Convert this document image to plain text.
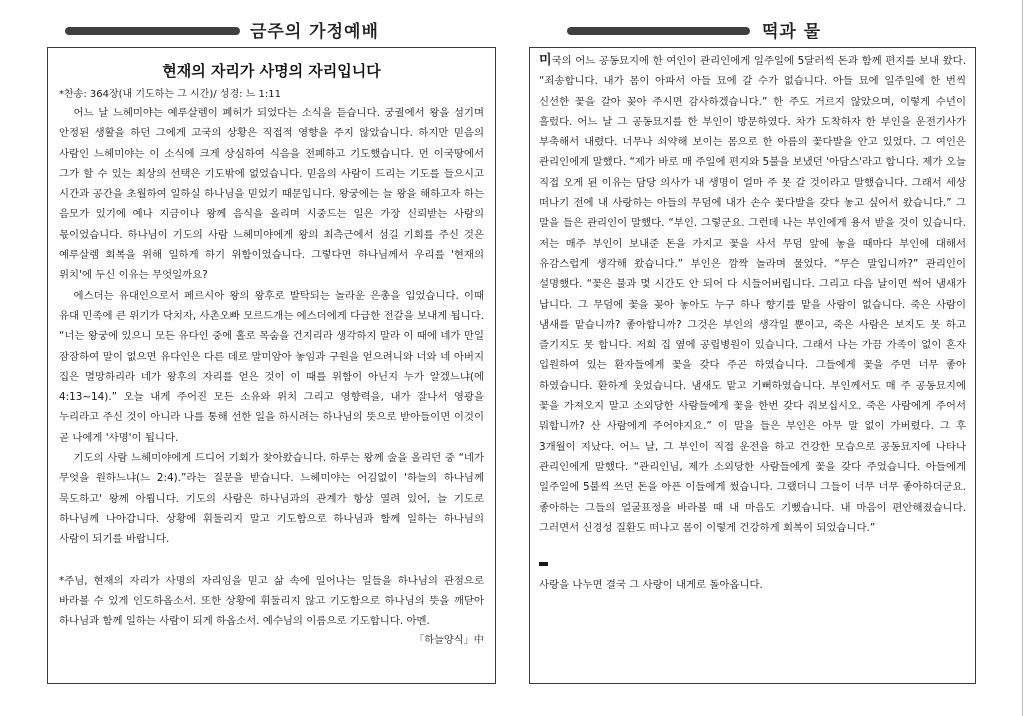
금주의 가정예배	떡과 물
현재의 자리가 사명의 자리입니다
*찬송: 364장(내 기도하는 그 시간)/ 성경: 느 1:11

어느 날 느헤미야는 예루살렘이 폐허가 되었다는 소식을 듣습니다. 궁궐에서 왕을 섬기며 안정된 생활을 하던 그에게 고국의 상황은 직접적 영향을 주지 않았습니다. 하지만 믿음의 사람인 느헤미야는 이 소식에 크게 상심하여 식음을 전폐하고 기도했습니다. 먼 이국땅에서 그가 할 수 있는 최상의 선택은 기도밖에 없었습니다. 믿음의 사람이 드리는 기도를 들으시고 시간과 공간을 초월하여 일하실 하나님을 믿었기 때문입니다. 왕궁에는 늘 왕을 해하고자 하는 음모가 있기에 예나 지금이나 왕께 음식을 올리며 시중드는 일은 가장 신뢰받는 사람의 몫이었습니다. 하나님이 기도의 사람 느헤미야에게 왕의 최측근에서 섬길 기회를 주신 것은 예루살렘 회복을 위해 일하게 하기 위함이었습니다. 그렇다면 하나님께서 우리를 '현재의 위치'에 두신 이유는 무엇일까요?

에스더는 유대인으로서 페르시아 왕의 왕후로 발탁되는 놀라운 은총을 입었습니다. 이때 유대 민족에 큰 위기가 닥치자, 사촌오빠 모르드개는 에스더에게 다급한 전갈을 보내게 됩니다. “너는 왕궁에 있으니 모든 유다인 중에 홀로 목숨을 건지리라 생각하지 말라 이 때에 네가 만일 잠잠하여 말이 없으면 유다인은 다른 데로 말미암아 놓임과 구원을 얻으려니와 너와 네 아버지 집은 멸망하리라 네가 왕후의 자리를 얻은 것이 이 때를 위함이 아닌지 누가 알겠느냐(에 4:13~14).” 오늘 내게 주어진 모든 소유와 위치 그리고 영향력을, 내가 잘나서 영광을 누리라고 주신 것이 아니라 나를 통해 선한 일을 하시려는 하나님의 뜻으로 받아들이면 이것이 곧 나에게 '사명'이 됩니다.

기도의 사람 느헤미야에게 드디어 기회가 찾아왔습니다. 하루는 왕께 술을 올리던 중 “네가 무엇을 원하느냐(느 2:4).”라는 질문을 받습니다. 느헤미야는 어김없이 '하늘의 하나님께 묵도하고' 왕께 아룁니다. 기도의 사람은 하나님과의 관계가 항상 열려 있어, 늘 기도로 하나님께 나아갑니다. 상황에 휘둘리지 말고 기도함으로 하나님과 함께 일하는 하나님의 사람이 되기를 바랍니다.

*주님, 현재의 자리가 사명의 자리임을 믿고 삶 속에 일어나는 일들을 하나님의 관점으로 바라볼 수 있게 인도하옵소서. 또한 상황에 휘둘리지 않고 기도함으로 하나님의 뜻을 깨닫아 하나님과 함께 일하는 사람이 되게 하옵소서. 예수님의 이름으로 기도합니다. 아멘.
「하늘양식」中

미국의 어느 공동묘지에 한 여인이 관리인에게 일주일에 5달러씩 돈과 함께 편지를 보내 왔다. “죄송합니다. 내가 몸이 아파서 아들 묘에 갈 수가 없습니다. 아들 묘에 일주일에 한 번씩 신선한 꽃을 갈아 꽂아 주시면 감사하겠습니다.” 한 주도 거르지 않았으며, 이렇게 수년이 흘렀다. 어느 날 그 공동묘지를 한 부인이 방문하였다. 차가 도착하자 한 부인을 운전기사가 부축해서 내렸다. 너무나 쇠약해 보이는 몸으로 한 아름의 꽃다발을 안고 있었다. 그 여인은 관리인에게 말했다. “제가 바로 매 주일에 편지와 5불을 보냈던 '아담스'라고 합니다. 제가 오늘 직접 오게 된 이유는 담당 의사가 내 생명이 얼마 주 못 갈 것이라고 말했습니다. 그래서 세상 떠나기 전에 내 사랑하는 아들의 무덤에 내가 손수 꽃다발을 갖다 놓고 싶어서 왔습니다.” 그 말을 들은 관리인이 말했다. “부인. 그렇군요. 그런데 나는 부인에게 용서 받을 것이 있습니다. 저는 매주 부인이 보내준 돈을 가지고 꽃을 사서 무덤 앞에 놓을 때마다 부인에 대해서 유감스럽게 생각해 왔습니다.” 부인은 깜짝 놀라며 물었다. “무슨 말입니까?” 관리인이 설명했다. “꽃은 불과 몇 시간도 안 되어 다 시들어버립니다. 그리고 다음 날이면 썩어 냄새가 납니다. 그 무덤에 꽃을 꽂아 놓아도 누구 하나 향기를 맡을 사람이 없습니다. 죽은 사람이 냄새를 맡습니까? 좋아합니까? 그것은 부인의 생각일 뿐이고, 죽은 사람은 보지도 못 하고 즐기지도 못 합니다. 저희 집 옆에 공립병원이 있습니다. 그래서 나는 가끔 가족이 없이 혼자 입원하여 있는 환자들에게 꽃을 갖다 주곤 하였습니다. 그들에게 꽃을 주면 너무 좋아 하였습니다. 환하게 웃었습니다. 냄새도 맡고 기뻐하였습니다. 부인께서도 매 주 공동묘지에 꽃을 가져오지 말고 소외당한 사람들에게 꽃을 한번 갖다 줘보십시오. 죽은 사람에게 주어서 뭐합니까? 산 사람에게 주어야지요.” 이 말을 들은 부인은 아무 말 없이 가버렸다. 그 후 3개월이 지났다. 어느 날, 그 부인이 직접 운전을 하고 건강한 모습으로 공동묘지에 나타나 관리인에게 말했다. “관리인님, 제가 소외당한 사람들에게 꽃을 갖다 주었습니다. 아들에게 일주일에 5불씩 쓰던 돈을 아픈 이들에게 썼습니다. 그랬더니 그들이 너무 너무 좋아하더군요. 좋아하는 그들의 얼굴표정을 바라볼 때 내 마음도 기뻤습니다. 내 마음이 편안해졌습니다. 그러면서 신경성 질환도 떠나고 몸이 이렇게 건강하게 회복이 되었습니다.”

사랑을 나누면 결국 그 사랑이 내게로 돌아옵니다.
